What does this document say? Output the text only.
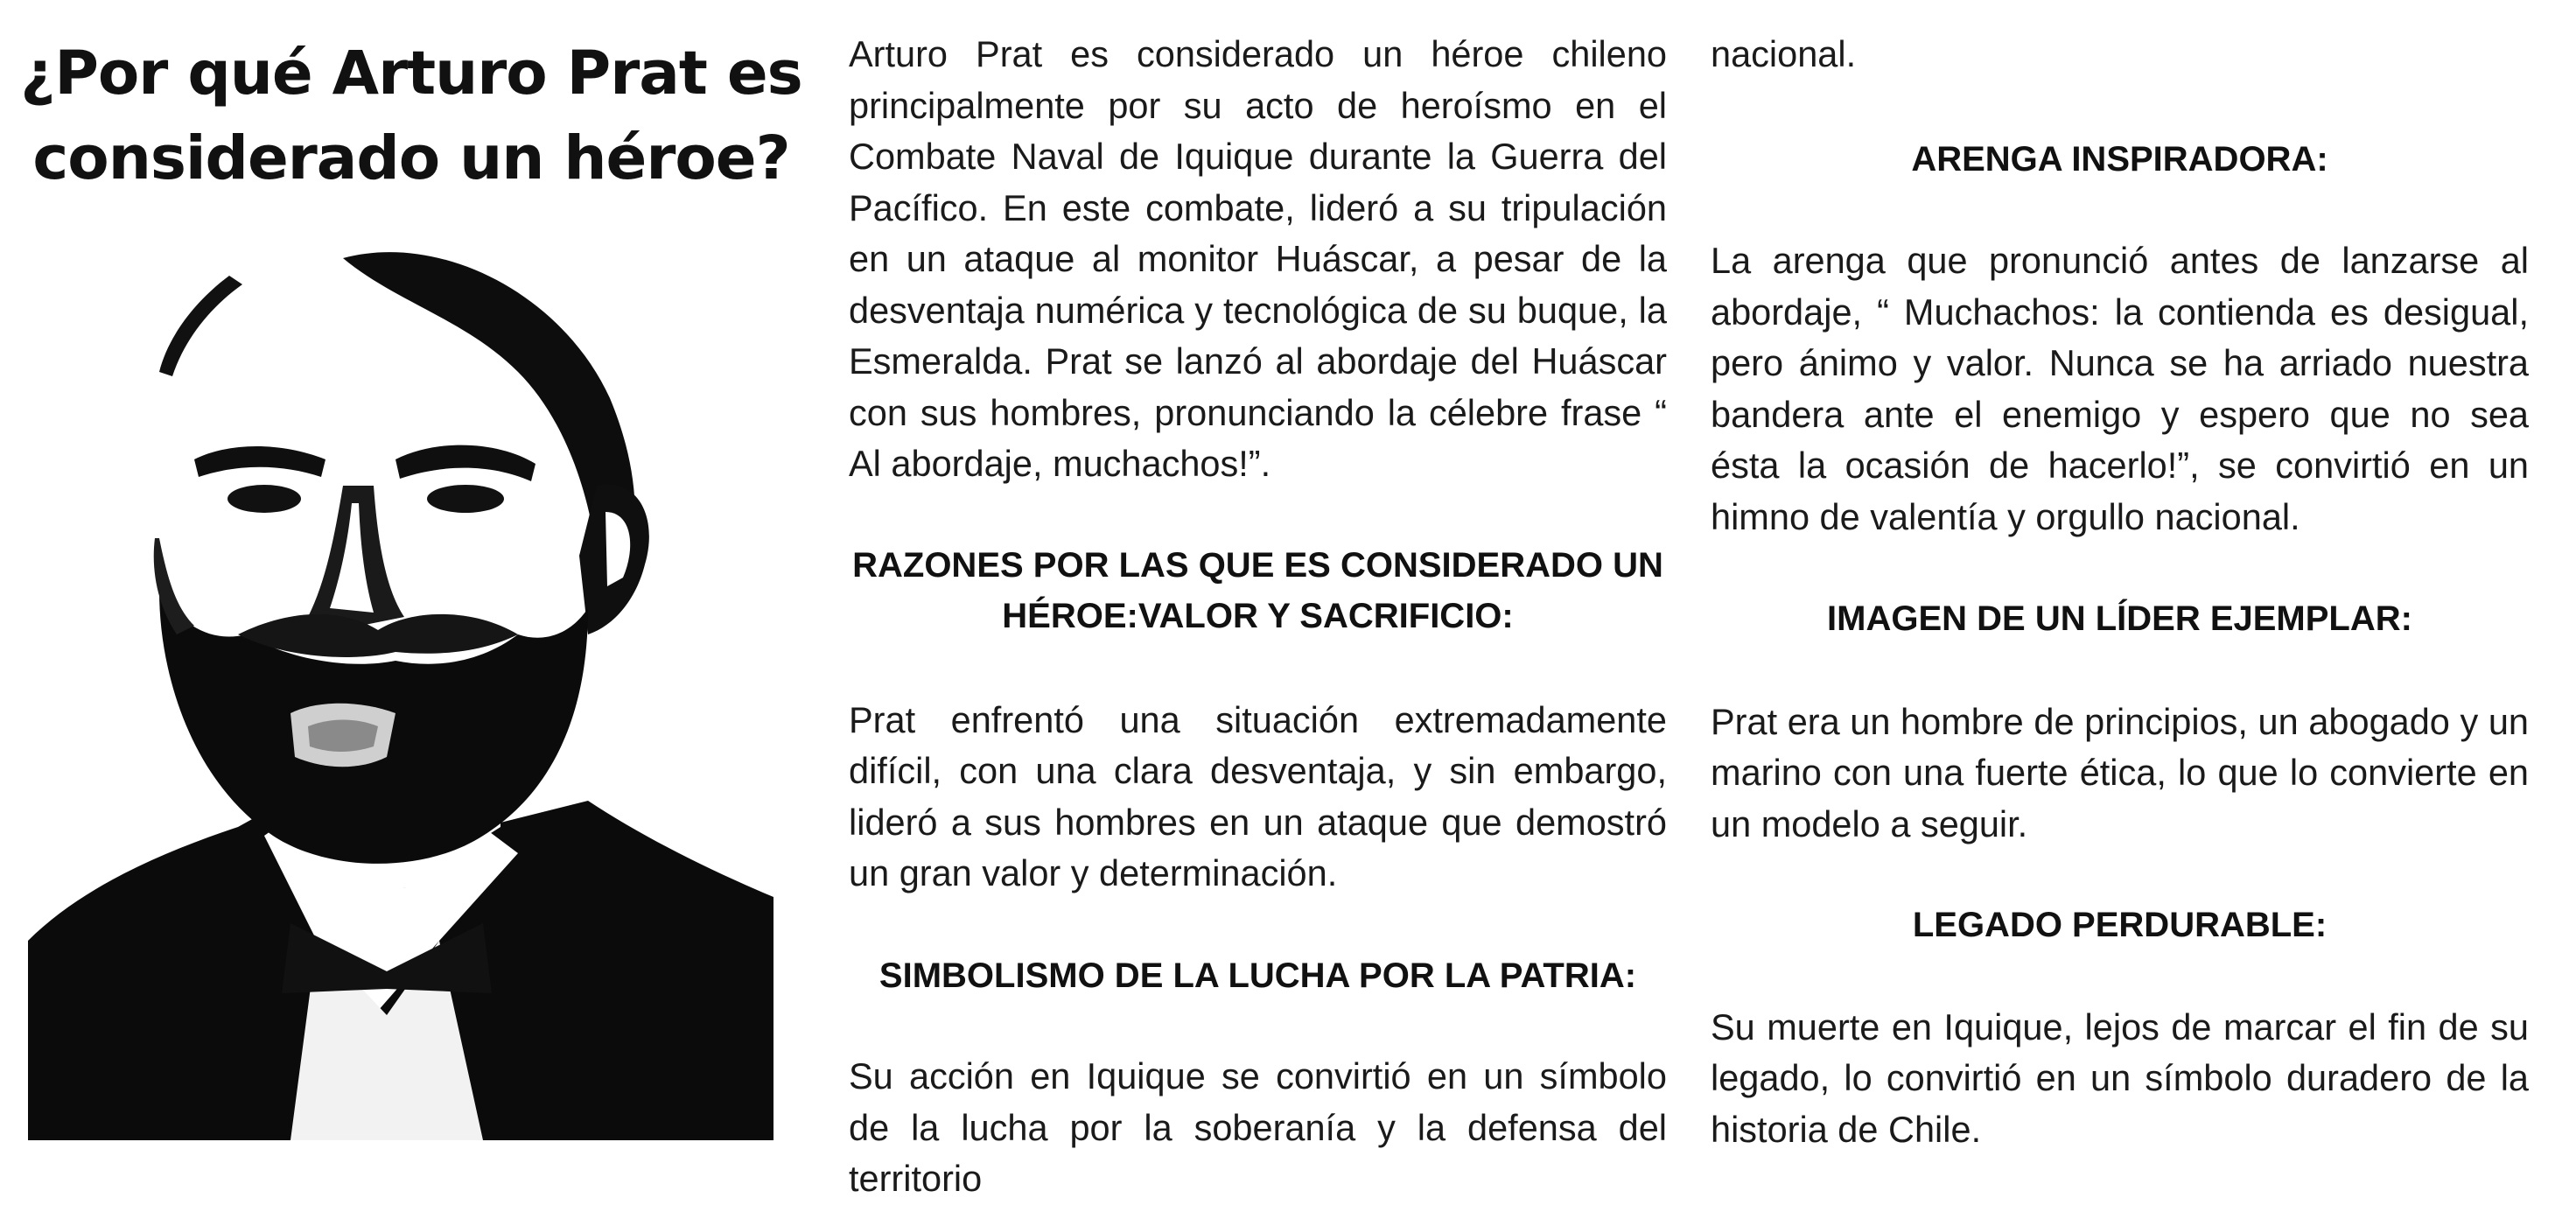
¿Por qué Arturo Prat es considerado un héroe?

Arturo Prat es considerado un héroe chileno principalmente por su acto de heroísmo en el Combate Naval de Iquique durante la Guerra del Pacífico. En este combate, lideró a su tripulación en un ataque al monitor Huáscar, a pesar de la desventaja numérica y tecnológica de su buque, la Esmeralda. Prat se lanzó al abordaje del Huáscar con sus hombres, pronunciando la célebre frase “ Al abordaje, muchachos!”.

RAZONES POR LAS QUE ES CONSIDERADO UN HÉROE:VALOR Y SACRIFICIO:

Prat enfrentó una situación extremadamente difícil, con una clara desventaja, y sin embargo, lideró a sus hombres en un ataque que demostró un gran valor y determinación.

SIMBOLISMO DE LA LUCHA POR LA PATRIA:

Su acción en Iquique se convirtió en un símbolo de la lucha por la soberanía y la defensa del territorio

nacional.

ARENGA INSPIRADORA:

La arenga que pronunció antes de lanzarse al abordaje, “ Muchachos: la contienda es desigual, pero ánimo y valor. Nunca se ha arriado nuestra bandera ante el enemigo y espero que no sea ésta la ocasión de hacerlo!”, se convirtió en un himno de valentía y orgullo nacional.

IMAGEN DE UN LÍDER EJEMPLAR:

Prat era un hombre de principios, un abogado y un marino con una fuerte ética, lo que lo convierte en un modelo a seguir.

LEGADO PERDURABLE:

Su muerte en Iquique, lejos de marcar el fin de su legado, lo convirtió en un símbolo duradero de la historia de Chile.
